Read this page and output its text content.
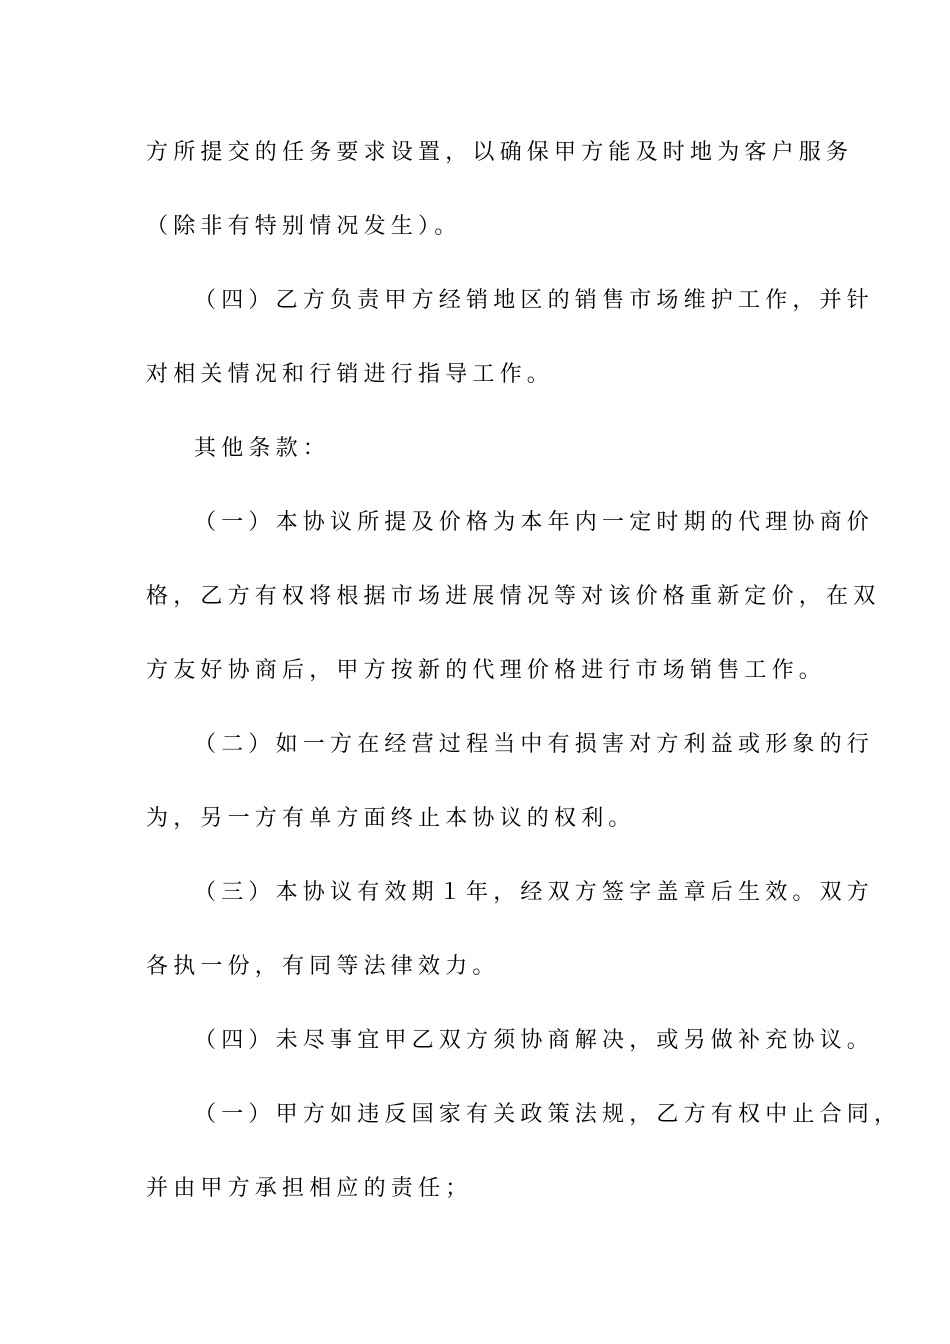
方所提交的任务要求设置，以确保甲方能及时地为客户服务
（除非有特别情况发生）。
（四）乙方负责甲方经销地区的销售市场维护工作，并针
对相关情况和行销进行指导工作。
其他条款：
（一）本协议所提及价格为本年内一定时期的代理协商价
格，乙方有权将根据市场进展情况等对该价格重新定价，在双
方友好协商后，甲方按新的代理价格进行市场销售工作。
（二）如一方在经营过程当中有损害对方利益或形象的行
为，另一方有单方面终止本协议的权利。
（三）本协议有效期１年，经双方签字盖章后生效。双方
各执一份，有同等法律效力。
（四）未尽事宜甲乙双方须协商解决，或另做补充协议。
（一）甲方如违反国家有关政策法规，乙方有权中止合同，
并由甲方承担相应的责任；
